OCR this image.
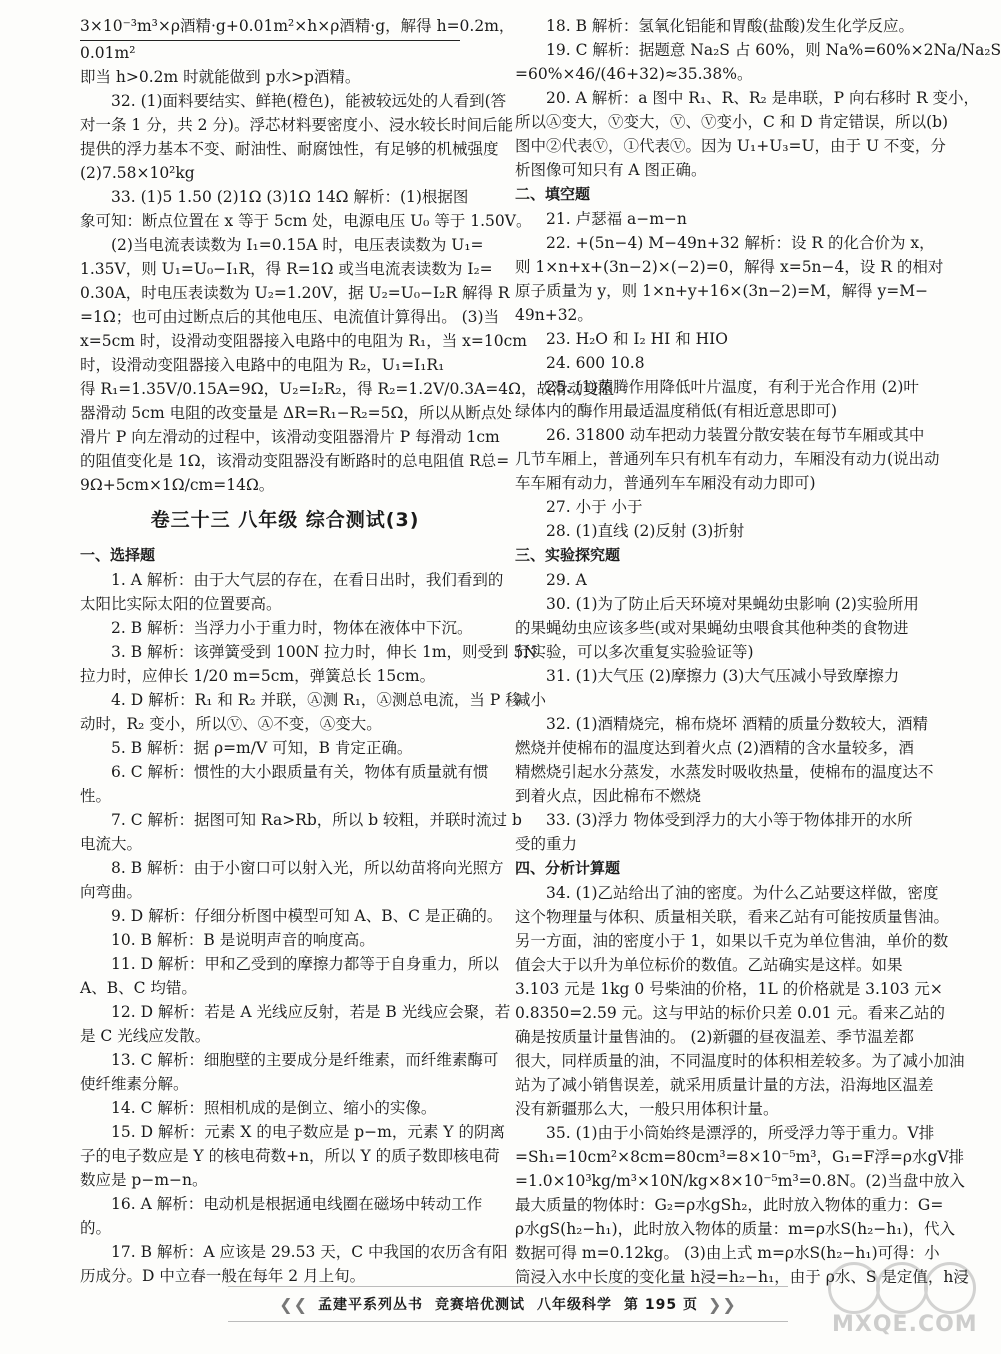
3×10⁻³m³×ρ酒精·g+0.01m²×h×ρ酒精·g，解得 h=0.2m，
0.01m²
即当 h>0.2m 时就能做到 p水>p酒精。
32. (1)面料要结实、鲜艳(橙色)，能被较远处的人看到(答
对一条 1 分，共 2 分)。浮芯材料要密度小、浸水较长时间后能
提供的浮力基本不变、耐油性、耐腐蚀性，有足够的机械强度
(2)7.58×10²kg
33. (1)5 1.50 (2)1Ω (3)1Ω 14Ω 解析：(1)根据图
象可知：断点位置在 x 等于 5cm 处，电源电压 U₀ 等于 1.50V。
(2)当电流表读数为 I₁=0.15A 时，电压表读数为 U₁=
1.35V，则 U₁=U₀−I₁R，得 R=1Ω 或当电流表读数为 I₂=
0.30A，时电压表读数为 U₂=1.20V，据 U₂=U₀−I₂R 解得 R
=1Ω；也可由过断点后的其他电压、电流值计算得出。 (3)当
x=5cm 时，设滑动变阻器接入电路中的电阻为 R₁，当 x=10cm
时，设滑动变阻器接入电路中的电阻为 R₂，U₁=I₁R₁
得 R₁=1.35V/0.15A=9Ω，U₂=I₂R₂，得 R₂=1.2V/0.3A=4Ω，故滑动变阻
器滑动 5cm 电阻的改变量是 ΔR=R₁−R₂=5Ω，所以从断点处
滑片 P 向左滑动的过程中，该滑动变阻器滑片 P 每滑动 1cm
的阻值变化是 1Ω，该滑动变阻器没有断路时的总电阻值 R总=
9Ω+5cm×1Ω/cm=14Ω。
卷三十三 八年级 综合测试(3)
一、选择题
1. A 解析：由于大气层的存在，在看日出时，我们看到的
太阳比实际太阳的位置要高。
2. B 解析：当浮力小于重力时，物体在液体中下沉。
3. B 解析：该弹簧受到 100N 拉力时，伸长 1m，则受到 5N
拉力时，应伸长 1/20 m=5cm，弹簧总长 15cm。
4. D 解析：R₁ 和 R₂ 并联，Ⓐ测 R₁，Ⓐ测总电流，当 P 移
动时，R₂ 变小，所以Ⓥ、Ⓐ不变，Ⓐ变大。
5. B 解析：据 ρ=m/V 可知，B 肯定正确。
6. C 解析：惯性的大小跟质量有关，物体有质量就有惯
性。
7. C 解析：据图可知 Ra>Rb，所以 b 较粗，并联时流过 b
电流大。
8. B 解析：由于小窗口可以射入光，所以幼苗将向光照方
向弯曲。
9. D 解析：仔细分析图中模型可知 A、B、C 是正确的。
10. B 解析：B 是说明声音的响度高。
11. D 解析：甲和乙受到的摩擦力都等于自身重力，所以
A、B、C 均错。
12. D 解析：若是 A 光线应反射，若是 B 光线应会聚，若
是 C 光线应发散。
13. C 解析：细胞壁的主要成分是纤维素，而纤维素酶可
使纤维素分解。
14. C 解析：照相机成的是倒立、缩小的实像。
15. D 解析：元素 X 的电子数应是 p−m，元素 Y 的阴离
子的电子数应是 Y 的核电荷数+n，所以 Y 的质子数即核电荷
数应是 p−m−n。
16. A 解析：电动机是根据通电线圈在磁场中转动工作
的。
17. B 解析：A 应该是 29.53 天，C 中我国的农历含有阳
历成分。D 中立春一般在每年 2 月上旬。
18. B 解析：氢氧化铝能和胃酸(盐酸)发生化学反应。
19. C 解析：据题意 Na₂S 占 60%，则 Na%=60%×2Na/Na₂S
=60%×46/(46+32)≈35.38%。
20. A 解析：a 图中 R₁、R、R₂ 是串联，P 向右移时 R 变小，
所以Ⓐ变大，Ⓥ变大，Ⓥ、Ⓥ变小，C 和 D 肯定错误，所以(b)
图中②代表Ⓥ，①代表Ⓥ。因为 U₁+U₃=U，由于 U 不变，分
析图像可知只有 A 图正确。
二、填空题
21. 卢瑟福 a−m−n
22. +(5n−4) M−49n+32 解析：设 R 的化合价为 x，
则 1×n+x+(3n−2)×(−2)=0，解得 x=5n−4，设 R 的相对
原子质量为 y，则 1×n+y+16×(3n−2)=M，解得 y=M−
49n+32。
23. H₂O 和 I₂ HI 和 HIO
24. 600 10.8
25. (1)蒸腾作用降低叶片温度，有利于光合作用 (2)叶
绿体内的酶作用最适温度稍低(有相近意思即可)
26. 31800 动车把动力装置分散安装在每节车厢或其中
几节车厢上，普通列车只有机车有动力，车厢没有动力(说出动
车车厢有动力，普通列车车厢没有动力即可)
27. 小于 小于
28. (1)直线 (2)反射 (3)折射
三、实验探究题
29. A
30. (1)为了防止后天环境对果蝇幼虫影响 (2)实验所用
的果蝇幼虫应该多些(或对果蝇幼虫喂食其他种类的食物进
行实验，可以多次重复实验验证等)
31. (1)大气压 (2)摩擦力 (3)大气压减小导致摩擦力
减小
32. (1)酒精烧完，棉布烧坏 酒精的质量分数较大，酒精
燃烧并使棉布的温度达到着火点 (2)酒精的含水量较多，酒
精燃烧引起水分蒸发，水蒸发时吸收热量，使棉布的温度达不
到着火点，因此棉布不燃烧
33. (3)浮力 物体受到浮力的大小等于物体排开的水所
受的重力
四、分析计算题
34. (1)乙站给出了油的密度。为什么乙站要这样做，密度
这个物理量与体积、质量相关联，看来乙站有可能按质量售油。
另一方面，油的密度小于 1，如果以千克为单位售油，单价的数
值会大于以升为单位标价的数值。乙站确实是这样。如果
3.103 元是 1kg 0 号柴油的价格，1L 的价格就是 3.103 元×
0.8350=2.59 元。这与甲站的标价只差 0.01 元。看来乙站的
确是按质量计量售油的。 (2)新疆的昼夜温差、季节温差都
很大，同样质量的油，不同温度时的体积相差较多。为了减小加油
站为了减小销售误差，就采用质量计量的方法，沿海地区温差
没有新疆那么大，一般只用体积计量。
35. (1)由于小筒始终是漂浮的，所受浮力等于重力。V排
=Sh₁=10cm²×8cm=80cm³=8×10⁻⁵m³，G₁=F浮=ρ水gV排
=1.0×10³kg/m³×10N/kg×8×10⁻⁵m³=0.8N。(2)当盘中放入
最大质量的物体时：G₂=ρ水gSh₂，此时放入物体的重力：G=
ρ水gS(h₂−h₁)，此时放入物体的质量：m=ρ水S(h₂−h₁)，代入
数据可得 m=0.12kg。 (3)由上式 m=ρ水S(h₂−h₁)可得：小
筒浸入水中长度的变化量 h浸=h₂−h₁，由于 ρ水、S 是定值，h浸
❮❮ 孟建平系列丛书 竞赛培优测试 八年级科学 第 195 页 ❯❯
MXQE.COM
